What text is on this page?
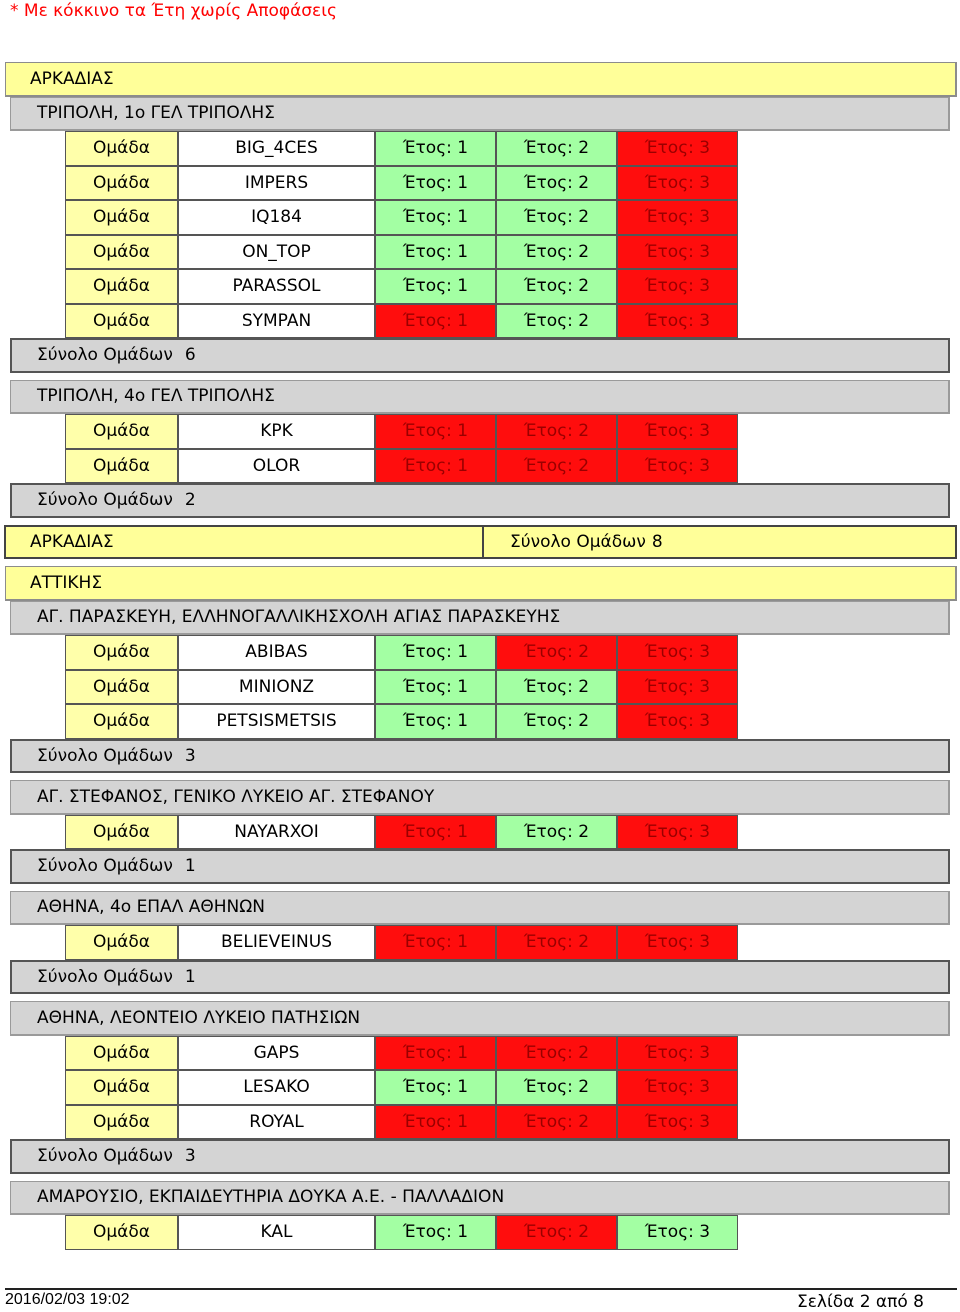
* Με κόκκινο τα Έτη χωρίς Αποφάσεις
ΑΡΚΑΔΙΑΣ
ΤΡΙΠΟΛΗ, 1ο ΓΕΛ ΤΡΙΠΟΛΗΣ
Ομάδα	BIG_4CES	Έτος: 1	Έτος: 2	Έτος: 3
Ομάδα	IMPERS	Έτος: 1	Έτος: 2	Έτος: 3
Ομάδα	IQ184	Έτος: 1	Έτος: 2	Έτος: 3
Ομάδα	ON_TOP	Έτος: 1	Έτος: 2	Έτος: 3
Ομάδα	PARASSOL	Έτος: 1	Έτος: 2	Έτος: 3
Ομάδα	SYMPAN	Έτος: 1	Έτος: 2	Έτος: 3
Σύνολο Ομάδων 6
ΤΡΙΠΟΛΗ, 4ο ΓΕΛ ΤΡΙΠΟΛΗΣ
Ομάδα	KPK	Έτος: 1	Έτος: 2	Έτος: 3
Ομάδα	OLOR	Έτος: 1	Έτος: 2	Έτος: 3
Σύνολο Ομάδων 2
ΑΡΚΑΔΙΑΣ	Σύνολο Ομάδων 8
ΑΤΤΙΚΗΣ
ΑΓ. ΠΑΡΑΣΚΕΥΗ, ΕΛΛΗΝΟΓΑΛΛΙΚΗΣΧΟΛΗ ΑΓΙΑΣ ΠΑΡΑΣΚΕΥΗΣ
Ομάδα	ABIBAS	Έτος: 1	Έτος: 2	Έτος: 3
Ομάδα	MINIONZ	Έτος: 1	Έτος: 2	Έτος: 3
Ομάδα	PETSISMETSIS	Έτος: 1	Έτος: 2	Έτος: 3
Σύνολο Ομάδων 3
ΑΓ. ΣΤΕΦΑΝΟΣ, ΓΕΝΙΚΟ ΛΥΚΕΙΟ ΑΓ. ΣΤΕΦΑΝΟΥ
Ομάδα	NAYARXOI	Έτος: 1	Έτος: 2	Έτος: 3
Σύνολο Ομάδων 1
ΑΘΗΝΑ, 4ο ΕΠΑΛ ΑΘΗΝΩΝ
Ομάδα	BELIEVEINUS	Έτος: 1	Έτος: 2	Έτος: 3
Σύνολο Ομάδων 1
ΑΘΗΝΑ, ΛΕΟΝΤΕΙΟ ΛΥΚΕΙΟ ΠΑΤΗΣΙΩΝ
Ομάδα	GAPS	Έτος: 1	Έτος: 2	Έτος: 3
Ομάδα	LESAKO	Έτος: 1	Έτος: 2	Έτος: 3
Ομάδα	ROYAL	Έτος: 1	Έτος: 2	Έτος: 3
Σύνολο Ομάδων 3
ΑΜΑΡΟΥΣΙΟ, ΕΚΠΑΙΔΕΥΤΗΡΙΑ ΔΟΥΚΑ Α.Ε. - ΠΑΛΛΑΔΙΟΝ
Ομάδα	KAL	Έτος: 1	Έτος: 2	Έτος: 3
2016/02/03 19:02	Σελίδα 2 από 8
